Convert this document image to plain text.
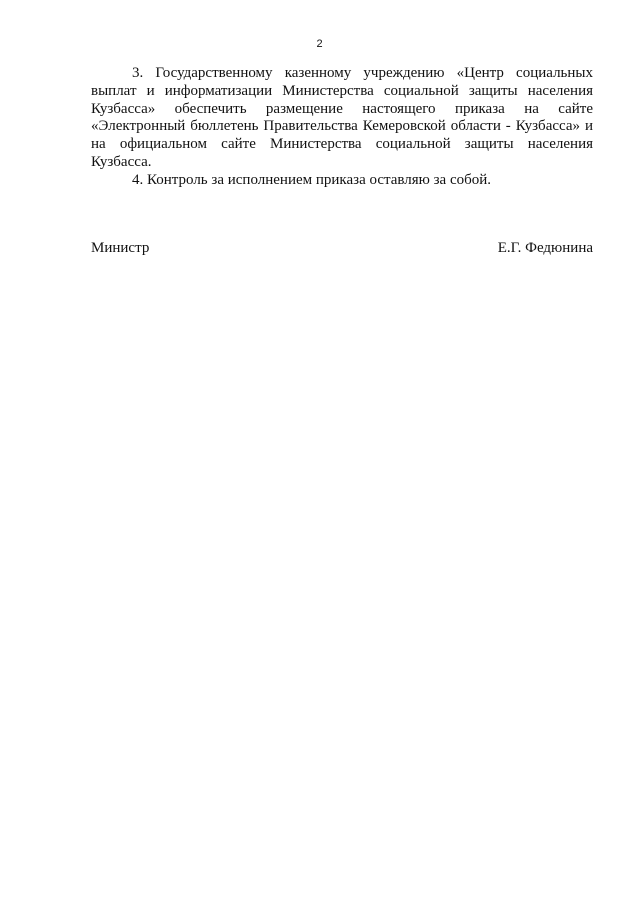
2

3. Государственному казенному учреждению «Центр социальных выплат и информатизации Министерства социальной защиты населения Кузбасса» обеспечить размещение настоящего приказа на сайте «Электронный бюллетень Правительства Кемеровской области - Кузбасса» и на официальном сайте Министерства социальной защиты населения Кузбасса.

4. Контроль за исполнением приказа оставляю за собой.

Министр	Е.Г. Федюнина
